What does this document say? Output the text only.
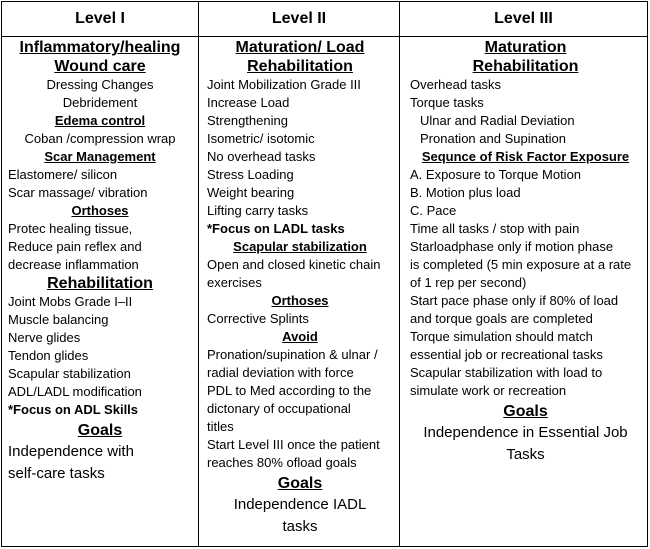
Level I	Level II	Level III
Inflammatory/healing
Wound care
Dressing Changes
Debridement
Edema control
Coban /compression wrap
Scar Management
Elastomere/ silicon
Scar massage/ vibration
Orthoses
Protec healing tissue,
Reduce pain reflex and
decrease inflammation
Rehabilitation
Joint Mobs Grade I–II
Muscle balancing
Nerve glides
Tendon glides
Scapular stabilization
ADL/LADL modification
*Focus on ADL Skills
Goals
Independence with
self-care tasks
Maturation/ Load
Rehabilitation
Joint Mobilization Grade III
Increase Load
Strengthening
Isometric/ isotomic
No overhead tasks
Stress Loading
Weight bearing
Lifting carry tasks
*Focus on LADL tasks
Scapular stabilization
Open and closed kinetic chain
exercises
Orthoses
Corrective Splints
Avoid
Pronation/supination & ulnar /
radial deviation with force
PDL to Med according to the
dictonary of occupational
titles
Start Level III once the patient
reaches 80% ofload goals
Goals
Independence IADL
tasks
Maturation
Rehabilitation
Overhead tasks
Torque tasks
Ulnar and Radial Deviation
Pronation and Supination
Sequnce of Risk Factor Exposure
A. Exposure to Torque Motion
B. Motion plus load
C. Pace
Time all tasks / stop with pain
Starloadphase only if motion phase
is completed (5 min exposure at a rate
of 1 rep per second)
Start pace phase only if 80% of load
and torque goals are completed
Torque simulation should match
essential job or recreational tasks
Scapular stabilization with load to
simulate work or recreation
Goals
Independence in Essential Job
Tasks
